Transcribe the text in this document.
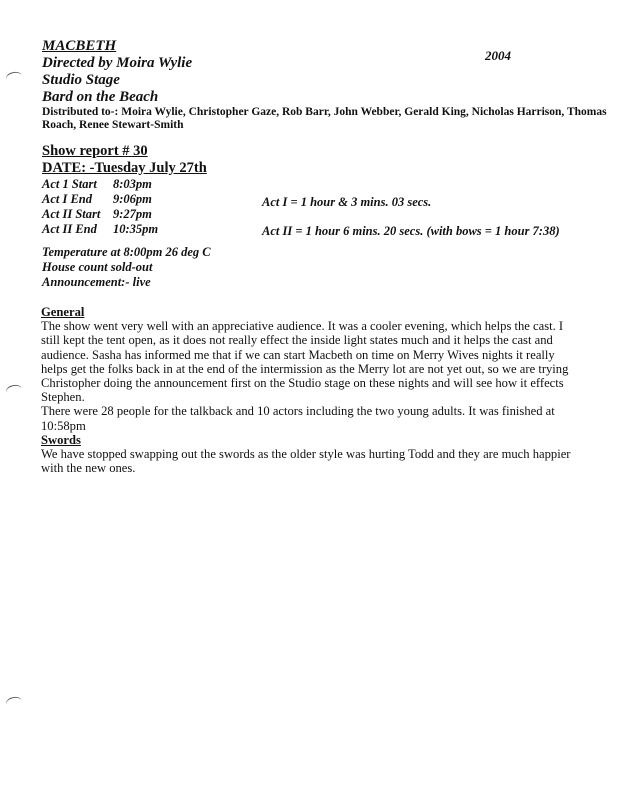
MACBETH
Directed by Moira Wylie
Studio Stage
Bard on the Beach
2004
Distributed to-: Moira Wylie, Christopher Gaze, Rob Barr, John Webber, Gerald King, Nicholas Harrison, Thomas
Roach, Renee Stewart-Smith
Show report # 30
DATE: -Tuesday July 27th
Act 1 Start 8:03pm
Act I End 9:06pm
Act II Start 9:27pm
Act II End 10:35pm
Act I = 1 hour & 3 mins. 03 secs.
Act II = 1 hour 6 mins. 20 secs. (with bows = 1 hour 7:38)
Temperature at 8:00pm 26 deg C
House count sold-out
Announcement:- live
General
The show went very well with an appreciative audience. It was a cooler evening, which helps the cast. I
still kept the tent open, as it does not really effect the inside light states much and it helps the cast and
audience. Sasha has informed me that if we can start Macbeth on time on Merry Wives nights it really
helps get the folks back in at the end of the intermission as the Merry lot are not yet out, so we are trying
Christopher doing the announcement first on the Studio stage on these nights and will see how it effects
Stephen.
There were 28 people for the talkback and 10 actors including the two young adults. It was finished at
10:58pm
Swords
We have stopped swapping out the swords as the older style was hurting Todd and they are much happier
with the new ones.
